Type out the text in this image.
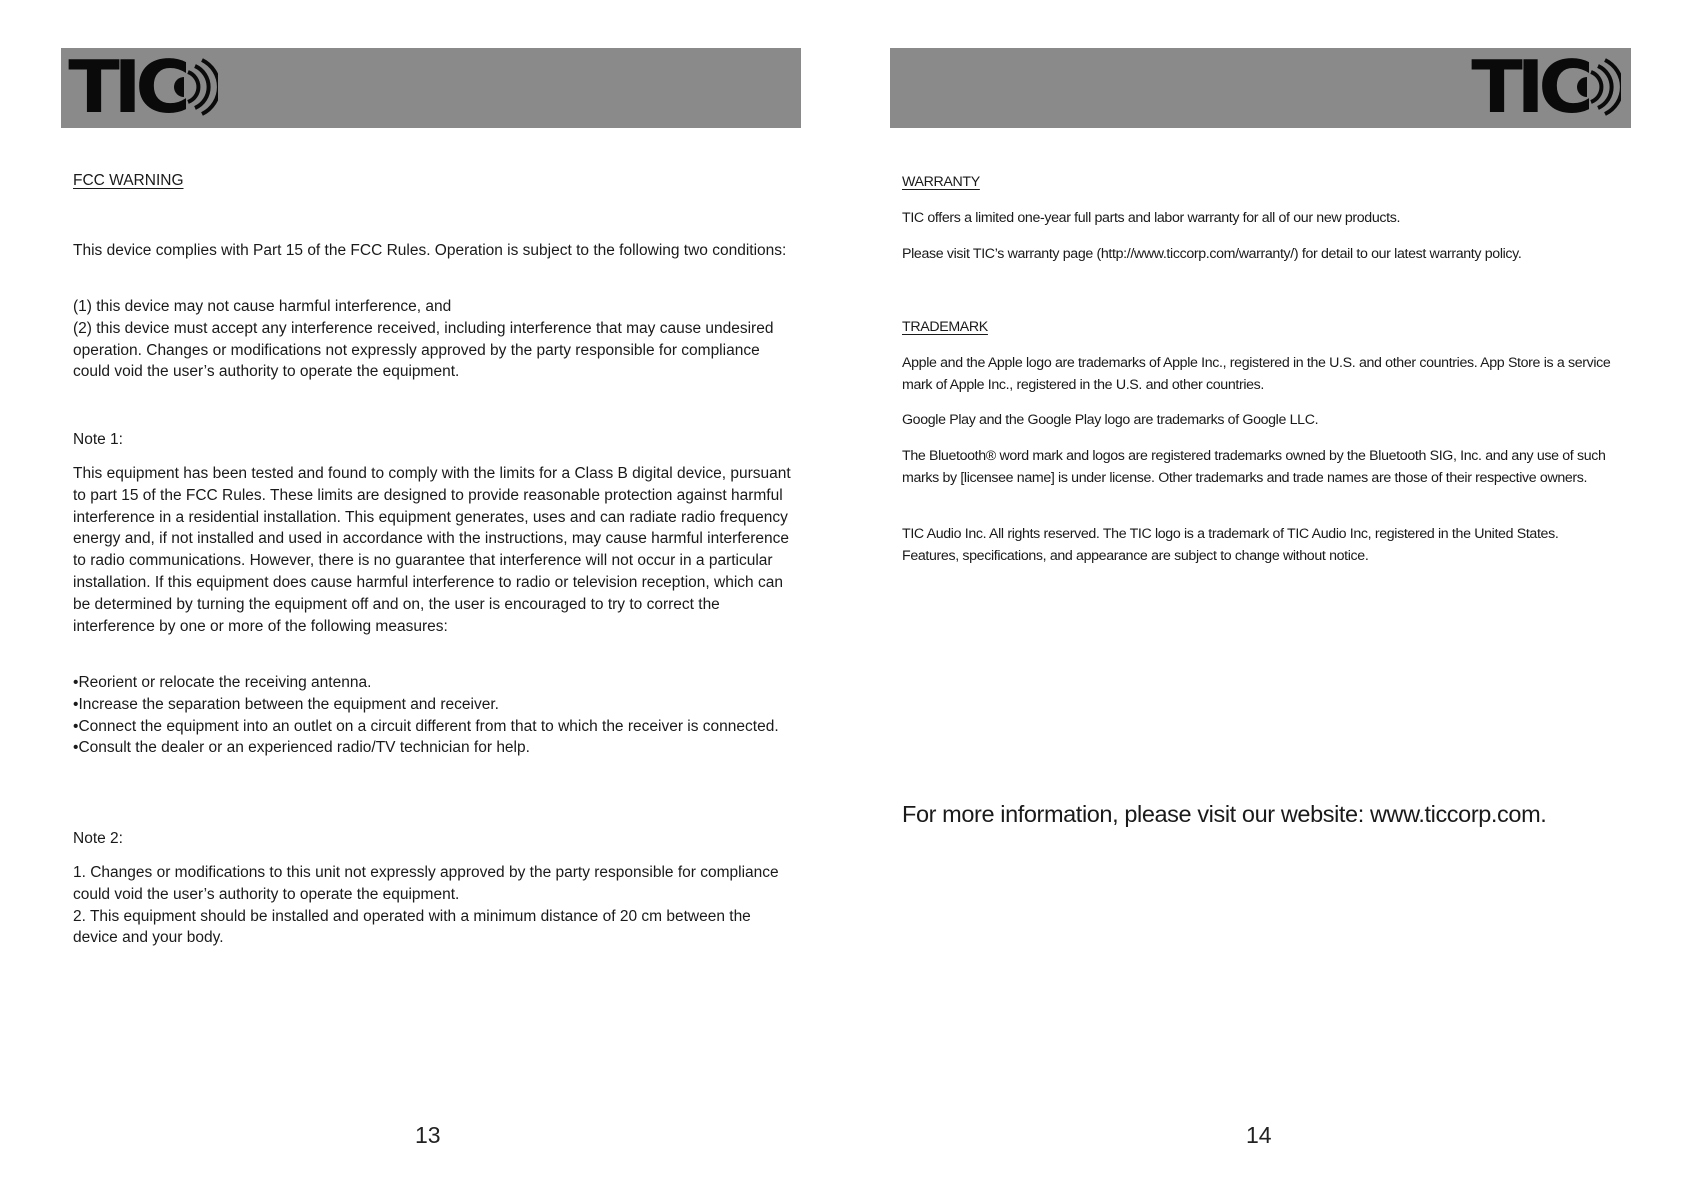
TIC
FCC WARNING

This device complies with Part 15 of the FCC Rules. Operation is subject to the following two conditions:

(1) this device may not cause harmful interference, and

(2) this device must accept any interference received, including interference that may cause undesired operation. Changes or modifications not expressly approved by the party responsible for compliance could void the user’s authority to operate the equipment.

Note 1:

This equipment has been tested and found to comply with the limits for a Class B digital device, pursuant to part 15 of the FCC Rules. These limits are designed to provide reasonable protection against harmful interference in a residential installation. This equipment generates, uses and can radiate radio frequency energy and, if not installed and used in accordance with the instructions, may cause harmful interference to radio communications. However, there is no guarantee that interference will not occur in a particular installation. If this equipment does cause harmful interference to radio or television reception, which can be determined by turning the equipment off and on, the user is encouraged to try to correct the interference by one or more of the following measures:

• Reorient or relocate the receiving antenna.
• Increase the separation between the equipment and receiver.
• Connect the equipment into an outlet on a circuit different from that to which the receiver is connected.
• Consult the dealer or an experienced radio/TV technician for help.

Note 2:

1. Changes or modifications to this unit not expressly approved by the party responsible for compliance could void the user’s authority to operate the equipment.

2. This equipment should be installed and operated with a minimum distance of 20 cm between the device and your body.

13
TIC
WARRANTY

TIC offers a limited one-year full parts and labor warranty for all of our new products.

Please visit TIC’s warranty page (http://www.ticcorp.com/warranty/) for detail to our latest warranty policy.

TRADEMARK

Apple and the Apple logo are trademarks of Apple Inc., registered in the U.S. and other countries. App Store is a service mark of Apple Inc., registered in the U.S. and other countries.

Google Play and the Google Play logo are trademarks of Google LLC.

The Bluetooth® word mark and logos are registered trademarks owned by the Bluetooth SIG, Inc. and any use of such marks by [licensee name] is under license. Other trademarks and trade names are those of their respective owners.

TIC Audio Inc. All rights reserved. The TIC logo is a trademark of TIC Audio Inc, registered in the United States. Features, specifications, and appearance are subject to change without notice.

For more information, please visit our website: www.ticcorp.com.
14
